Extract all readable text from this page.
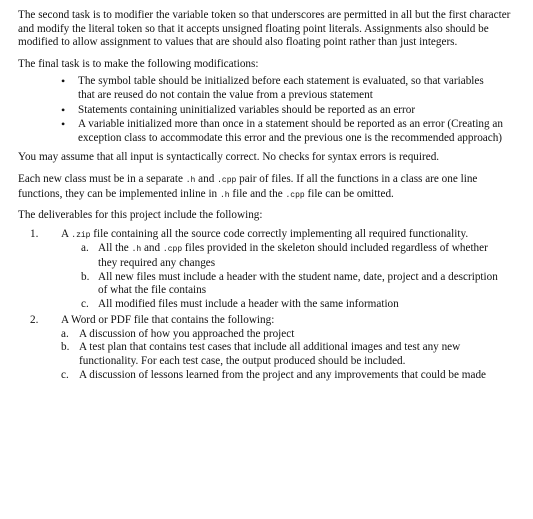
The second task is to modifier the variable token so that underscores are permitted in all but the first character and modify the literal token so that it accepts unsigned floating point literals. Assignments also should be modified to allow assignment to values that are should also floating point rather than just integers.

The final task is to make the following modifications:

• The symbol table should be initialized before each statement is evaluated, so that variables that are reused do not contain the value from a previous statement
• Statements containing uninitialized variables should be reported as an error
• A variable initialized more than once in a statement should be reported as an error (Creating an exception class to accommodate this error and the previous one is the recommended approach)

You may assume that all input is syntactically correct. No checks for syntax errors is required.

Each new class must be in a separate .h and .cpp pair of files. If all the functions in a class are one line functions, they can be implemented inline in .h file and the .cpp file can be omitted.

The deliverables for this project include the following:

1. A .zip file containing all the source code correctly implementing all required functionality.
a. All the .h and .cpp files provided in the skeleton should included regardless of whether they required any changes
b. All new files must include a header with the student name, date, project and a description of what the file contains
c. All modified files must include a header with the same information
2. A Word or PDF file that contains the following:
a. A discussion of how you approached the project
b. A test plan that contains test cases that include all additional images and test any new functionality. For each test case, the output produced should be included.
c. A discussion of lessons learned from the project and any improvements that could be made
